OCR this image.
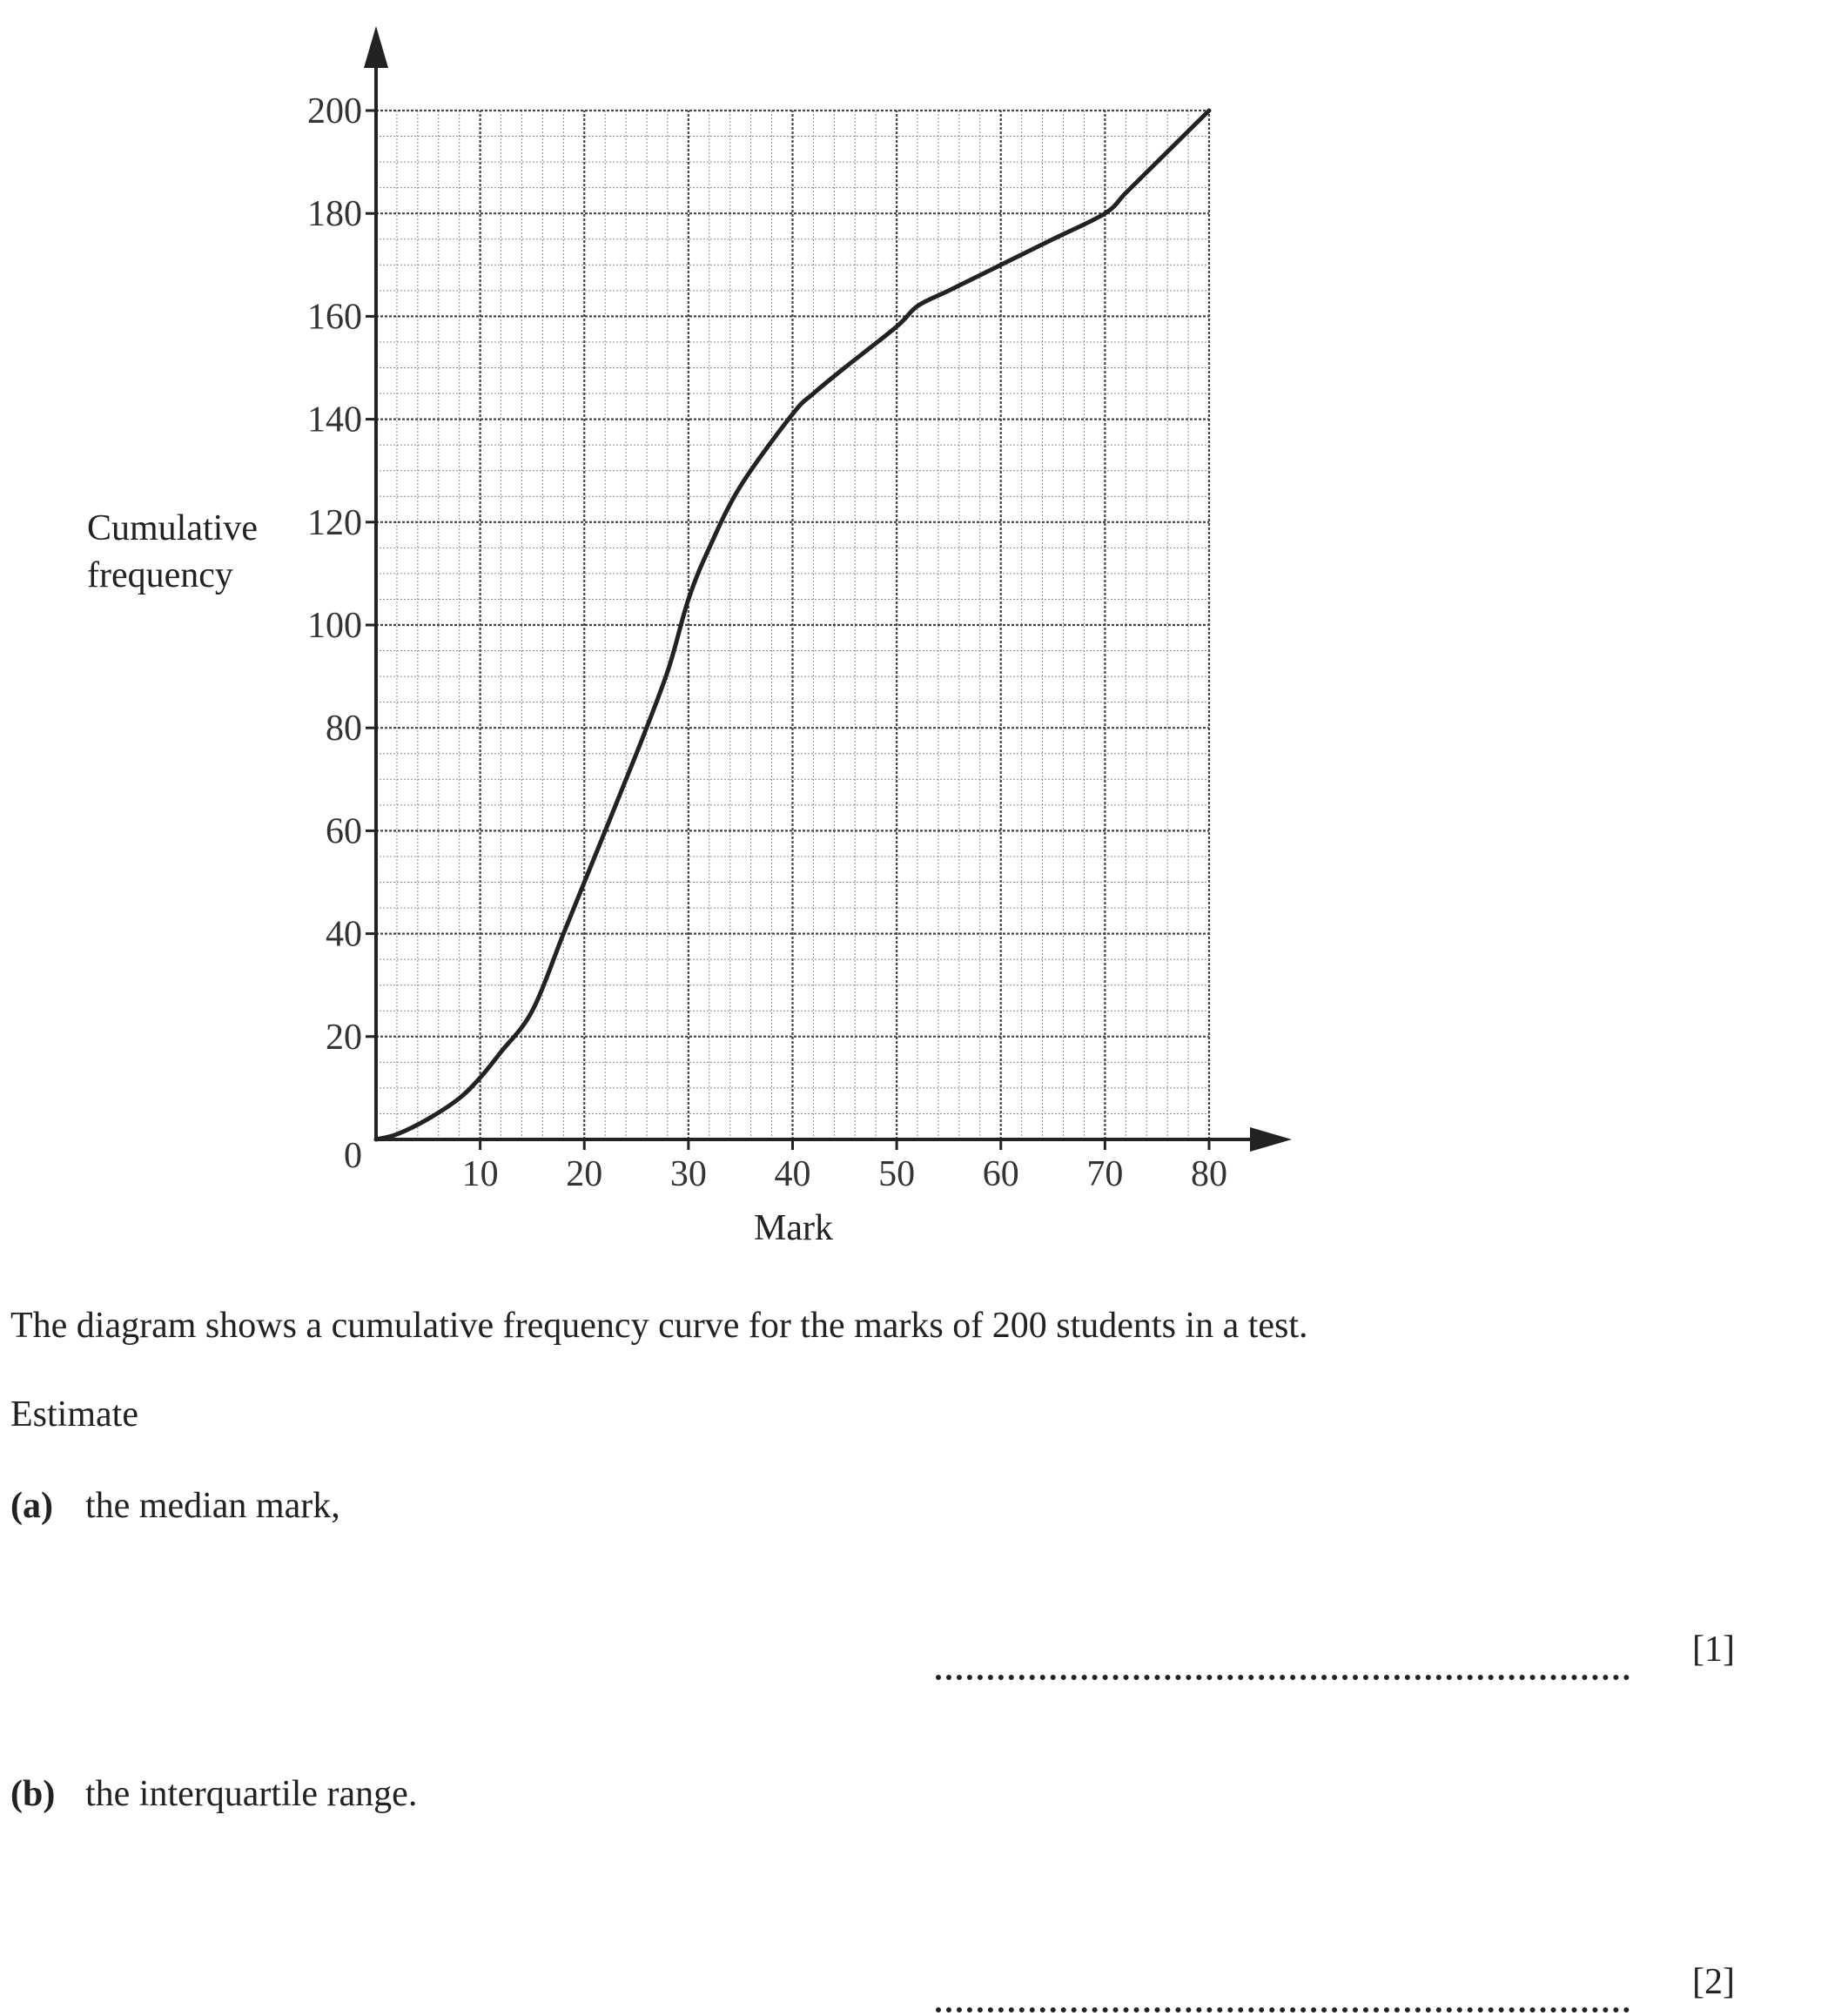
20
40
60
80
100
120
140
160
180
200
10 20 30 40 50 60 70 80
0
Cumulative
frequency
Mark
The diagram shows a cumulative frequency curve for the marks of 200 students in a test.
Estimate
(a) the median mark,
[1]
(b) the interquartile range.
[2]
